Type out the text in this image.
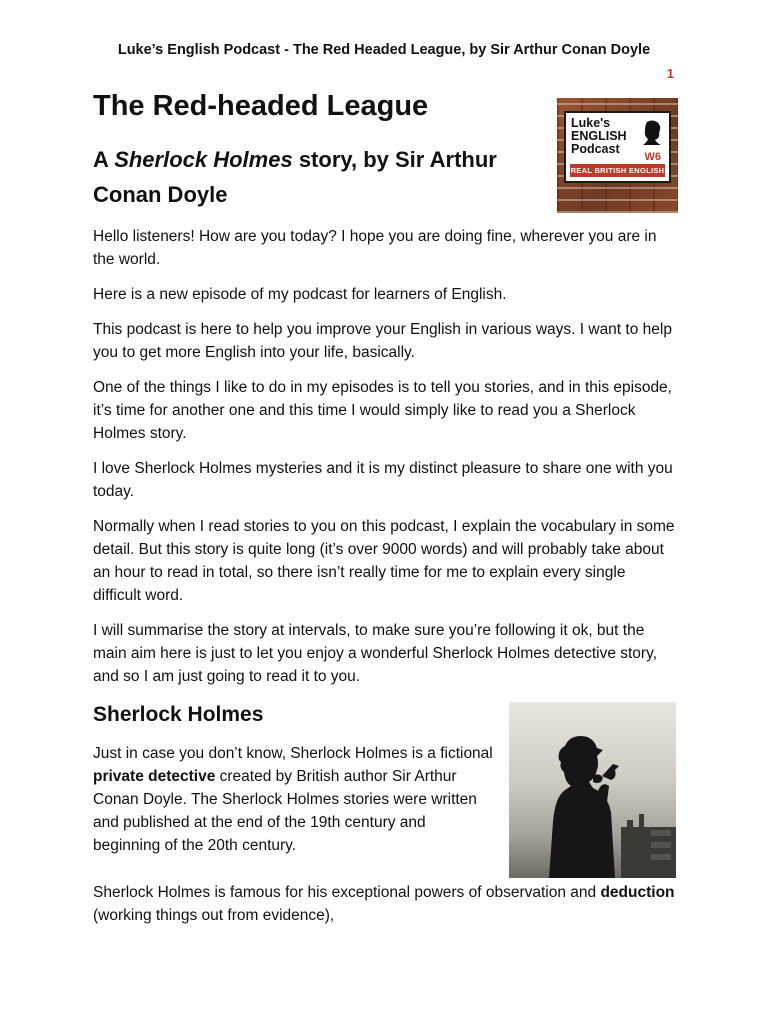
Luke’s English Podcast - The Red Headed League, by Sir Arthur Conan Doyle
1
The Red-headed League
A Sherlock Holmes story, by Sir Arthur Conan Doyle
Luke's
ENGLISH
Podcast
W6
REAL BRITISH ENGLISH

Hello listeners! How are you today? I hope you are doing fine, wherever you are in the world.

Here is a new episode of my podcast for learners of English.

This podcast is here to help you improve your English in various ways. I want to help you to get more English into your life, basically.

One of the things I like to do in my episodes is to tell you stories, and in this episode, it’s time for another one and this time I would simply like to read you a Sherlock Holmes story.

I love Sherlock Holmes mysteries and it is my distinct pleasure to share one with you today.

Normally when I read stories to you on this podcast, I explain the vocabulary in some detail. But this story is quite long (it’s over 9000 words) and will probably take about an hour to read in total, so there isn’t really time for me to explain every single difficult word.

I will summarise the story at intervals, to make sure you’re following it ok, but the main aim here is just to let you enjoy a wonderful Sherlock Holmes detective story, and so I am just going to read it to you.

Sherlock Holmes

Just in case you don’t know, Sherlock Holmes is a fictional private detective created by British author Sir Arthur Conan Doyle. The Sherlock Holmes stories were written and published at the end of the 19th century and beginning of the 20th century.

Sherlock Holmes is famous for his exceptional powers of observation and deduction (working things out from evidence),
